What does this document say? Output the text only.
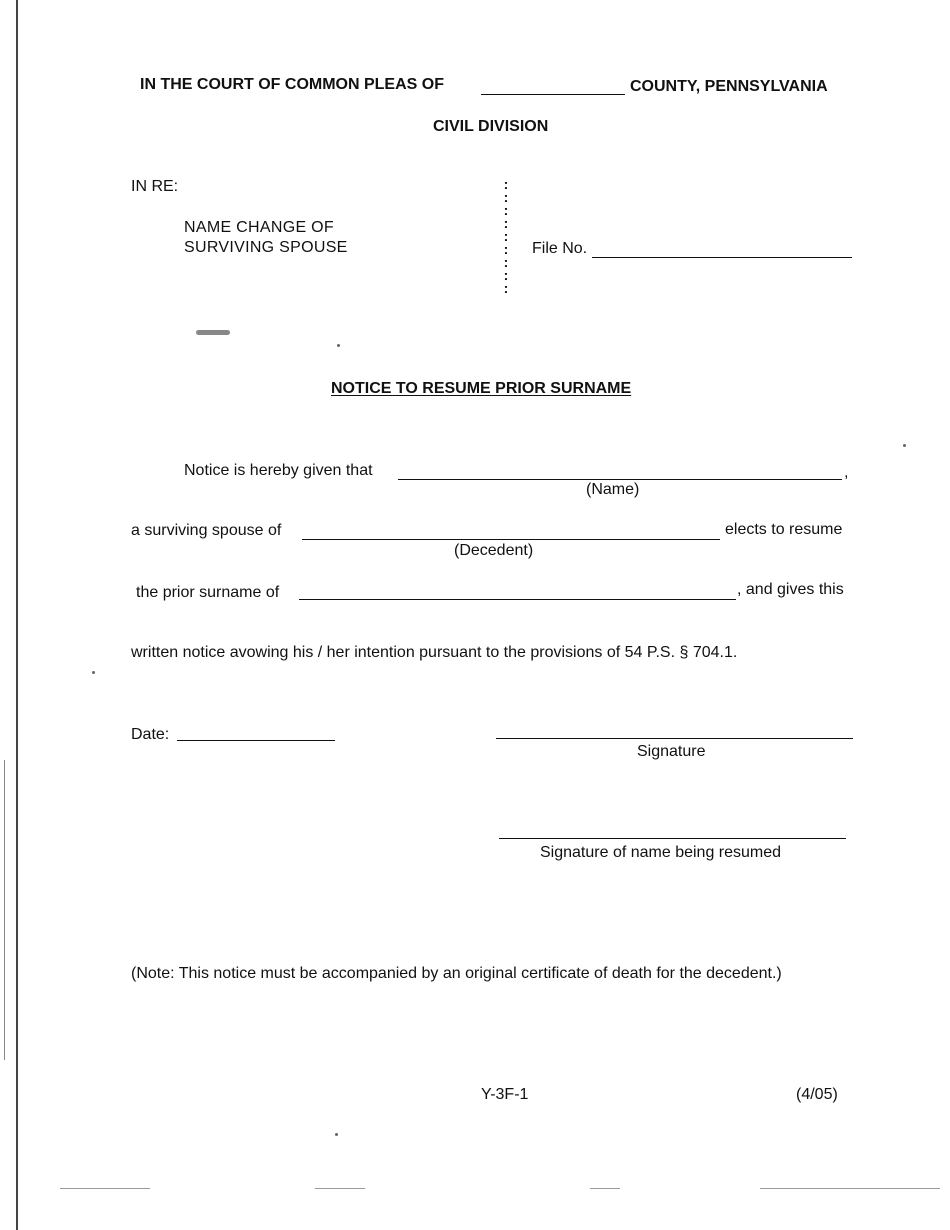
IN THE COURT OF COMMON PLEAS OF	COUNTY, PENNSYLVANIA
CIVIL DIVISION
IN RE:
NAME CHANGE OF
SURVIVING SPOUSE
:
:
:
:
:
:
:
:
:
File No.
NOTICE TO RESUME PRIOR SURNAME
Notice is hereby given that	,
(Name)
a surviving spouse of	elects to resume
(Decedent)
the prior surname of	, and gives this
written notice avowing his / her intention pursuant to the provisions of 54 P.S. § 704.1.
Date:
Signature
Signature of name being resumed
(Note: This notice must be accompanied by an original certificate of death for the decedent.)
Y-3F-1	(4/05)
